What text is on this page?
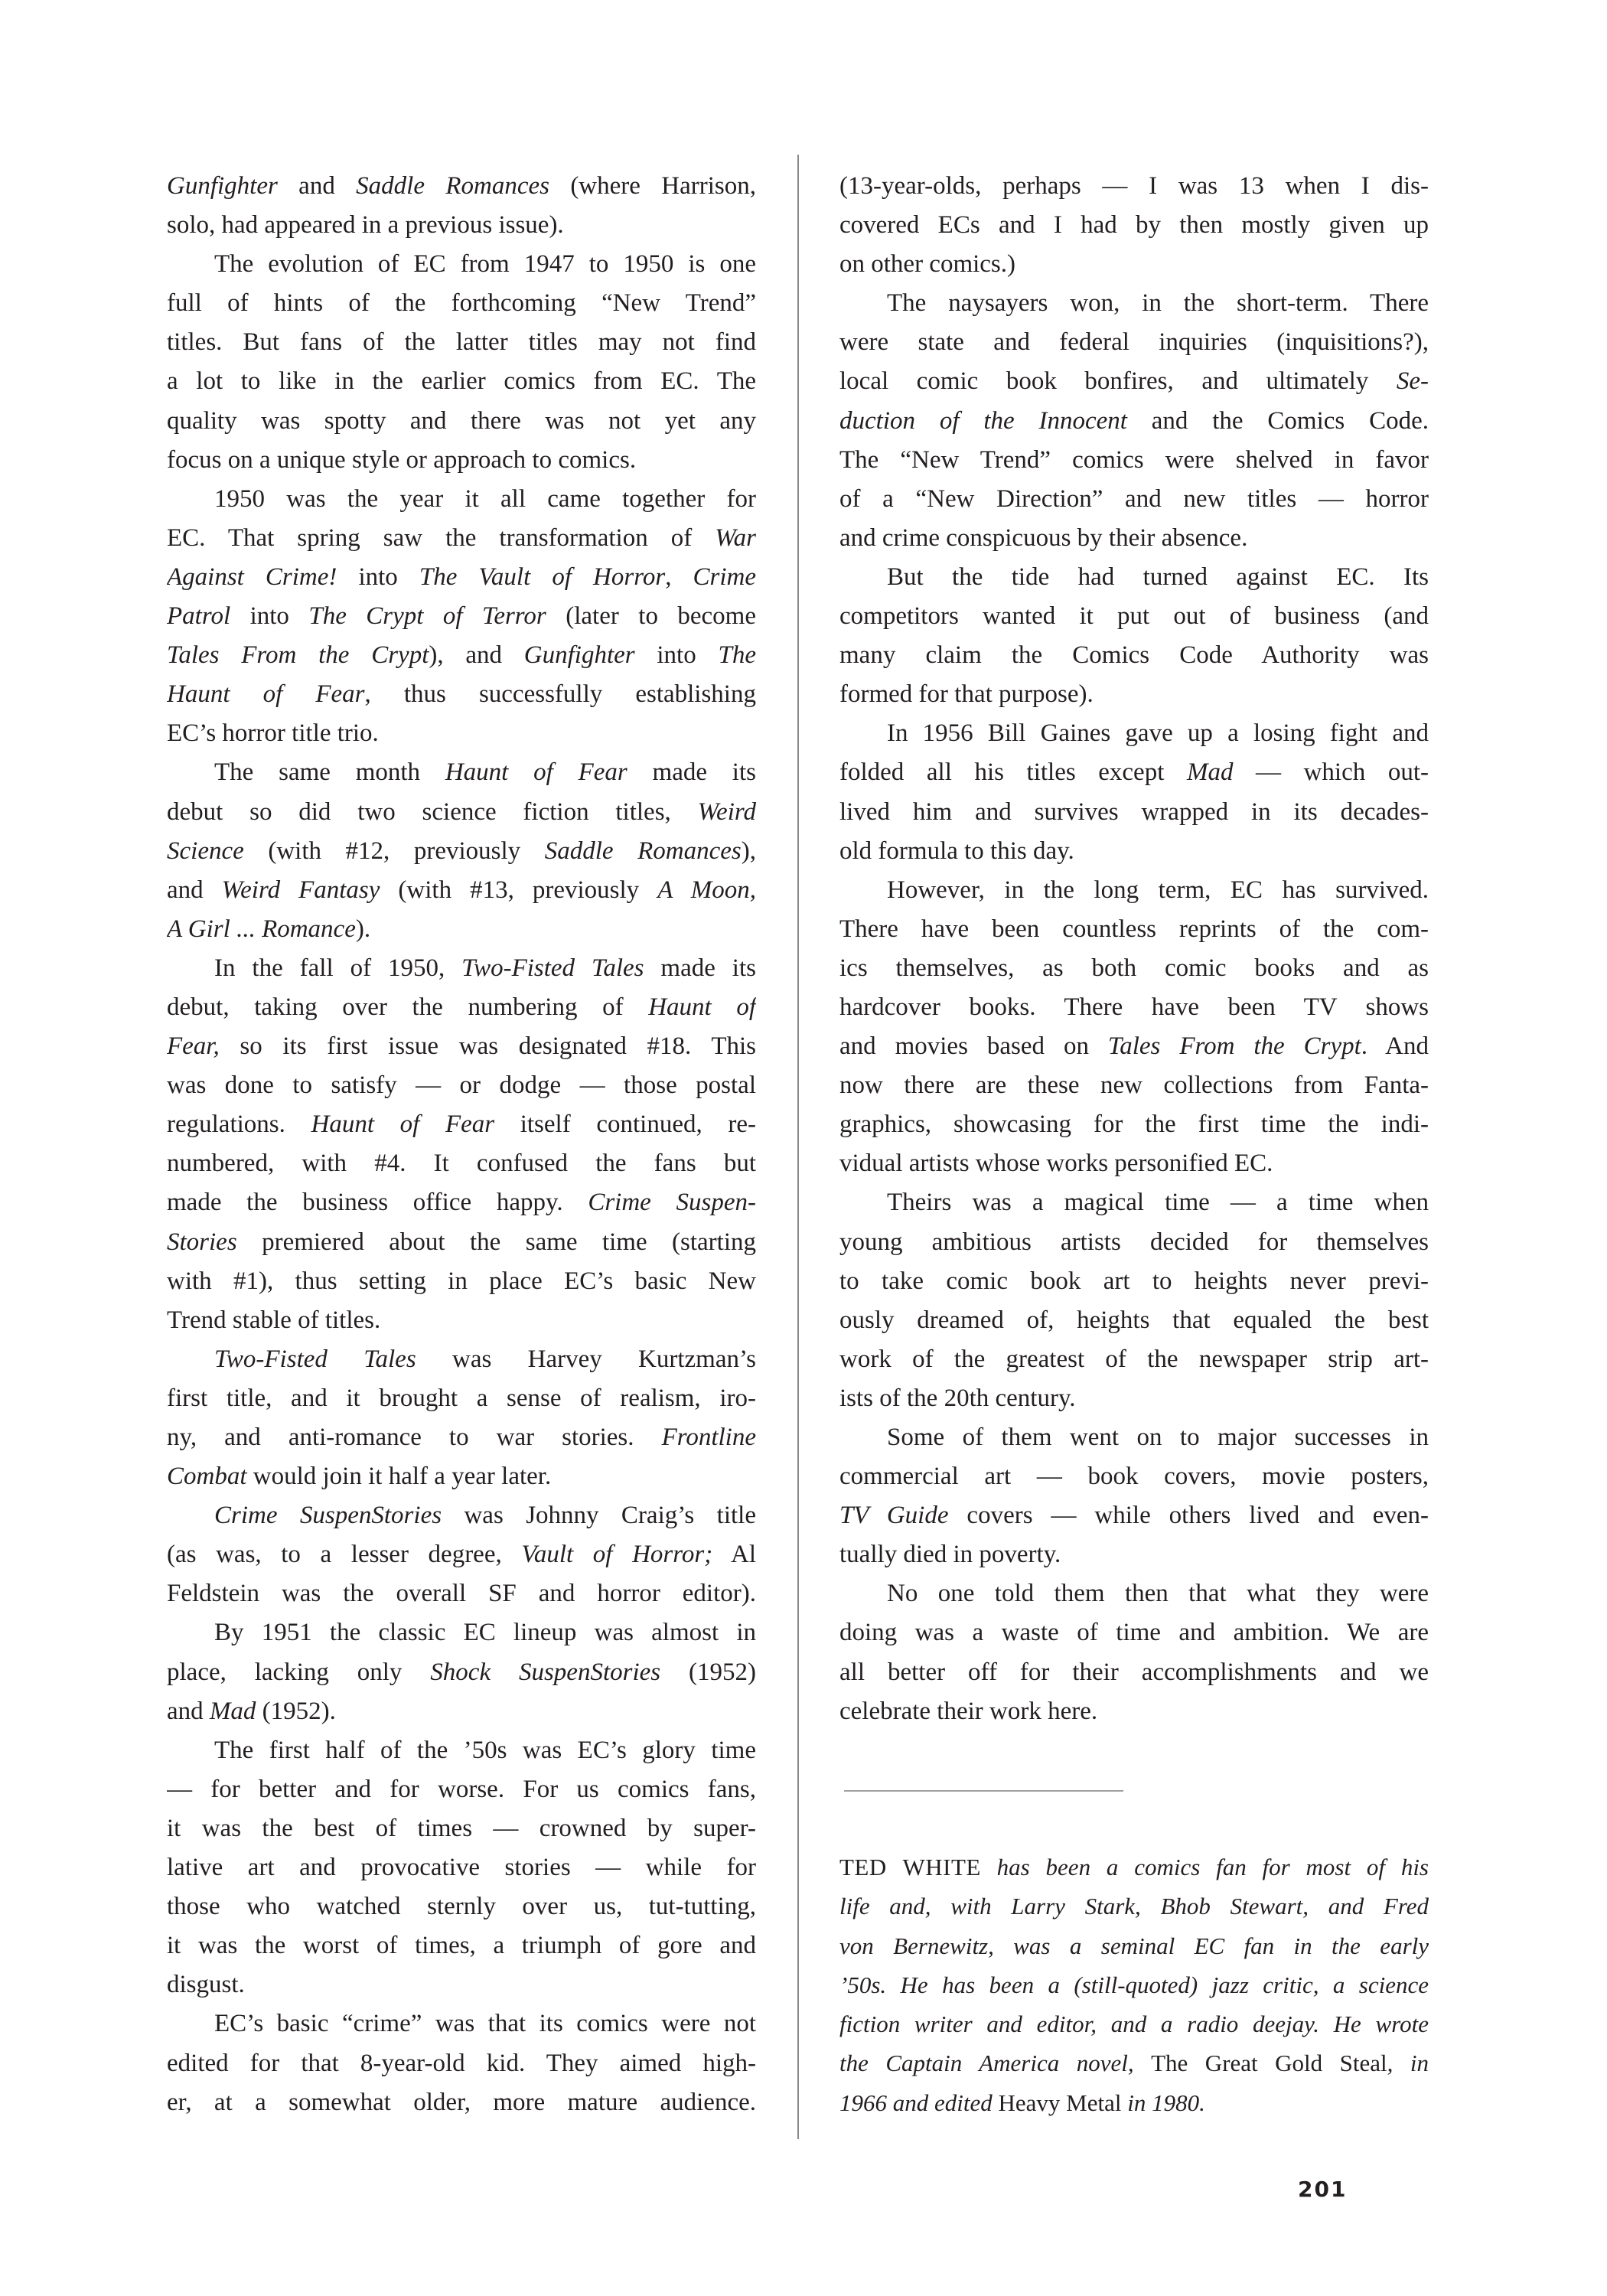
Gunfighter and Saddle Romances (where Harrison,
solo, had appeared in a previous issue).
The evolution of EC from 1947 to 1950 is one
full of hints of the forthcoming “New Trend”
titles. But fans of the latter titles may not find
a lot to like in the earlier comics from EC. The
quality was spotty and there was not yet any
focus on a unique style or approach to comics.
1950 was the year it all came together for
EC. That spring saw the transformation of War
Against Crime! into The Vault of Horror, Crime
Patrol into The Crypt of Terror (later to become
Tales From the Crypt), and Gunfighter into The
Haunt of Fear, thus successfully establishing
EC’s horror title trio.
The same month Haunt of Fear made its
debut so did two science fiction titles, Weird
Science (with #12, previously Saddle Romances),
and Weird Fantasy (with #13, previously A Moon,
A Girl ... Romance).
In the fall of 1950, Two-Fisted Tales made its
debut, taking over the numbering of Haunt of
Fear, so its first issue was designated #18. This
was done to satisfy — or dodge — those postal
regulations. Haunt of Fear itself continued, re-
numbered, with #4. It confused the fans but
made the business office happy. Crime Suspen-
Stories premiered about the same time (starting
with #1), thus setting in place EC’s basic New
Trend stable of titles.
Two-Fisted Tales was Harvey Kurtzman’s
first title, and it brought a sense of realism, iro-
ny, and anti-romance to war stories. Frontline
Combat would join it half a year later.
Crime SuspenStories was Johnny Craig’s title
(as was, to a lesser degree, Vault of Horror; Al
Feldstein was the overall SF and horror editor).
By 1951 the classic EC lineup was almost in
place, lacking only Shock SuspenStories (1952)
and Mad (1952).
The first half of the ’50s was EC’s glory time
— for better and for worse. For us comics fans,
it was the best of times — crowned by super-
lative art and provocative stories — while for
those who watched sternly over us, tut-tutting,
it was the worst of times, a triumph of gore and
disgust.
EC’s basic “crime” was that its comics were not
edited for that 8-year-old kid. They aimed high-
er, at a somewhat older, more mature audience.
(13-year-olds, perhaps — I was 13 when I dis-
covered ECs and I had by then mostly given up
on other comics.)
The naysayers won, in the short-term. There
were state and federal inquiries (inquisitions?),
local comic book bonfires, and ultimately Se-
duction of the Innocent and the Comics Code.
The “New Trend” comics were shelved in favor
of a “New Direction” and new titles — horror
and crime conspicuous by their absence.
But the tide had turned against EC. Its
competitors wanted it put out of business (and
many claim the Comics Code Authority was
formed for that purpose).
In 1956 Bill Gaines gave up a losing fight and
folded all his titles except Mad — which out-
lived him and survives wrapped in its decades-
old formula to this day.
However, in the long term, EC has survived.
There have been countless reprints of the com-
ics themselves, as both comic books and as
hardcover books. There have been TV shows
and movies based on Tales From the Crypt. And
now there are these new collections from Fanta-
graphics, showcasing for the first time the indi-
vidual artists whose works personified EC.
Theirs was a magical time — a time when
young ambitious artists decided for themselves
to take comic book art to heights never previ-
ously dreamed of, heights that equaled the best
work of the greatest of the newspaper strip art-
ists of the 20th century.
Some of them went on to major successes in
commercial art — book covers, movie posters,
TV Guide covers — while others lived and even-
tually died in poverty.
No one told them then that what they were
doing was a waste of time and ambition. We are
all better off for their accomplishments and we
celebrate their work here.
TED WHITE has been a comics fan for most of his
life and, with Larry Stark, Bhob Stewart, and Fred
von Bernewitz, was a seminal EC fan in the early
’50s. He has been a (still-quoted) jazz critic, a science
fiction writer and editor, and a radio deejay. He wrote
the Captain America novel, The Great Gold Steal, in
1966 and edited Heavy Metal in 1980.
201
